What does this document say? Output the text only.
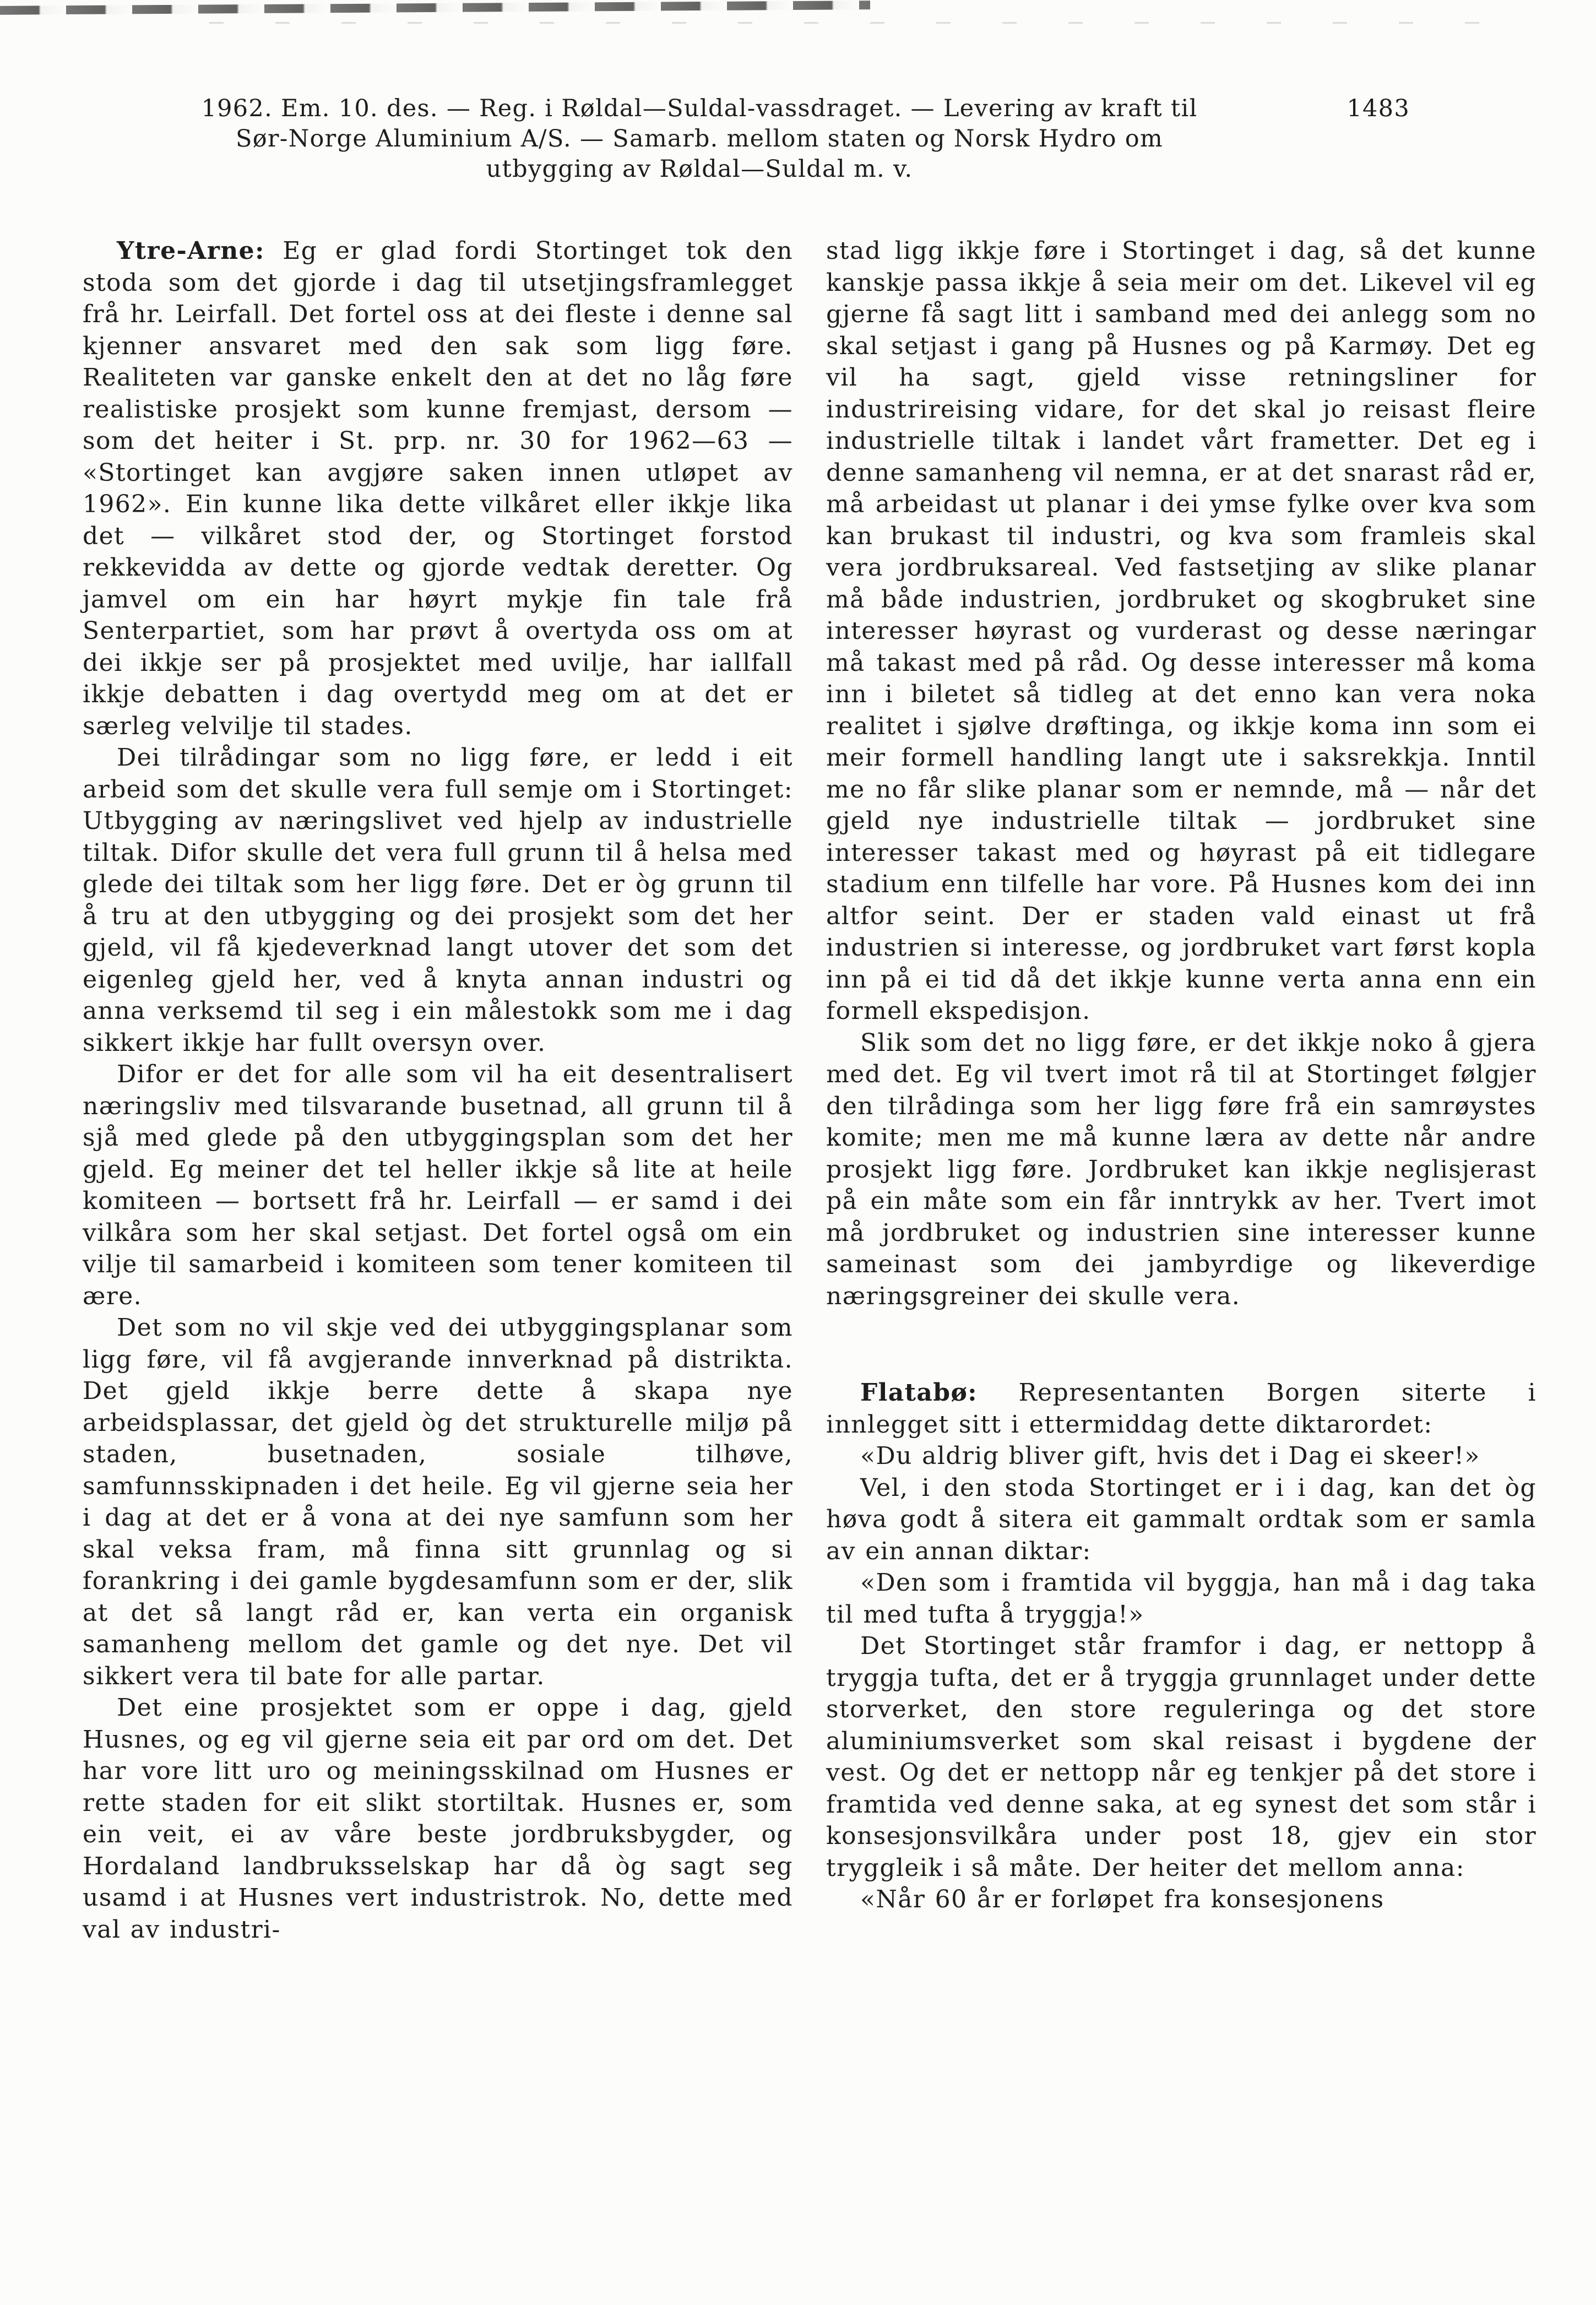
1962. Em. 10. des. — Reg. i Røldal—Suldal-vassdraget. — Levering av kraft til
Sør-Norge Aluminium A/S. — Samarb. mellom staten og Norsk Hydro om
utbygging av Røldal—Suldal m. v.
1483

Ytre-Arne: Eg er glad fordi Stortinget tok den stoda som det gjorde i dag til utsetjingsframlegget frå hr. Leirfall. Det fortel oss at dei fleste i denne sal kjenner ansvaret med den sak som ligg føre. Realiteten var ganske enkelt den at det no låg føre realistiske prosjekt som kunne fremjast, dersom — som det heiter i St. prp. nr. 30 for 1962—63 — «Stortinget kan avgjøre saken innen utløpet av 1962». Ein kunne lika dette vilkåret eller ikkje lika det — vilkåret stod der, og Stortinget forstod rekkevidda av dette og gjorde vedtak deretter. Og jamvel om ein har høyrt mykje fin tale frå Senterpartiet, som har prøvt å overtyda oss om at dei ikkje ser på prosjektet med uvilje, har iallfall ikkje debatten i dag overtydd meg om at det er særleg velvilje til stades.

Dei tilrådingar som no ligg føre, er ledd i eit arbeid som det skulle vera full semje om i Stortinget: Utbygging av næringslivet ved hjelp av industrielle tiltak. Difor skulle det vera full grunn til å helsa med glede dei tiltak som her ligg føre. Det er òg grunn til å tru at den utbygging og dei prosjekt som det her gjeld, vil få kjedeverknad langt utover det som det eigenleg gjeld her, ved å knyta annan industri og anna verksemd til seg i ein målestokk som me i dag sikkert ikkje har fullt oversyn over.

Difor er det for alle som vil ha eit desentralisert næringsliv med tilsvarande busetnad, all grunn til å sjå med glede på den utbyggingsplan som det her gjeld. Eg meiner det tel heller ikkje så lite at heile komiteen — bortsett frå hr. Leirfall — er samd i dei vilkåra som her skal setjast. Det fortel også om ein vilje til samarbeid i komiteen som tener komiteen til ære.

Det som no vil skje ved dei utbyggingsplanar som ligg føre, vil få avgjerande innverknad på distrikta. Det gjeld ikkje berre dette å skapa nye arbeidsplassar, det gjeld òg det strukturelle miljø på staden, busetnaden, sosiale tilhøve, samfunnsskipnaden i det heile. Eg vil gjerne seia her i dag at det er å vona at dei nye samfunn som her skal veksa fram, må finna sitt grunnlag og si forankring i dei gamle bygdesamfunn som er der, slik at det så langt råd er, kan verta ein organisk samanheng mellom det gamle og det nye. Det vil sikkert vera til bate for alle partar.

Det eine prosjektet som er oppe i dag, gjeld Husnes, og eg vil gjerne seia eit par ord om det. Det har vore litt uro og meiningsskilnad om Husnes er rette staden for eit slikt stortiltak. Husnes er, som ein veit, ei av våre beste jordbruksbygder, og Hordaland landbruksselskap har då òg sagt seg usamd i at Husnes vert industristrok. No, dette med val av industri-

stad ligg ikkje føre i Stortinget i dag, så det kunne kanskje passa ikkje å seia meir om det. Likevel vil eg gjerne få sagt litt i samband med dei anlegg som no skal setjast i gang på Husnes og på Karmøy. Det eg vil ha sagt, gjeld visse retningsliner for industrireising vidare, for det skal jo reisast fleire industrielle tiltak i landet vårt frametter. Det eg i denne samanheng vil nemna, er at det snarast råd er, må arbeidast ut planar i dei ymse fylke over kva som kan brukast til industri, og kva som framleis skal vera jordbruksareal. Ved fastsetjing av slike planar må både industrien, jordbruket og skogbruket sine interesser høyrast og vurderast og desse næringar må takast med på råd. Og desse interesser må koma inn i biletet så tidleg at det enno kan vera noka realitet i sjølve drøftinga, og ikkje koma inn som ei meir formell handling langt ute i saksrekkja. Inntil me no får slike planar som er nemnde, må — når det gjeld nye industrielle tiltak — jordbruket sine interesser takast med og høyrast på eit tidlegare stadium enn tilfelle har vore. På Husnes kom dei inn altfor seint. Der er staden vald einast ut frå industrien si interesse, og jordbruket vart først kopla inn på ei tid då det ikkje kunne verta anna enn ein formell ekspedisjon.

Slik som det no ligg føre, er det ikkje noko å gjera med det. Eg vil tvert imot rå til at Stortinget følgjer den tilrådinga som her ligg føre frå ein samrøystes komite; men me må kunne læra av dette når andre prosjekt ligg føre. Jordbruket kan ikkje neglisjerast på ein måte som ein får inntrykk av her. Tvert imot må jordbruket og industrien sine interesser kunne sameinast som dei jambyrdige og likeverdige næringsgreiner dei skulle vera.

Flatabø: Representanten Borgen siterte i innlegget sitt i ettermiddag dette diktarordet:

«Du aldrig bliver gift, hvis det i Dag ei skeer!»

Vel, i den stoda Stortinget er i i dag, kan det òg høva godt å sitera eit gammalt ordtak som er samla av ein annan diktar:

«Den som i framtida vil byggja, han må i dag taka til med tufta å tryggja!»

Det Stortinget står framfor i dag, er nettopp å tryggja tufta, det er å tryggja grunnlaget under dette storverket, den store reguleringa og det store aluminiumsverket som skal reisast i bygdene der vest. Og det er nettopp når eg tenkjer på det store i framtida ved denne saka, at eg synest det som står i konsesjonsvilkåra under post 18, gjev ein stor tryggleik i så måte. Der heiter det mellom anna:

«Når 60 år er forløpet fra konsesjonens
